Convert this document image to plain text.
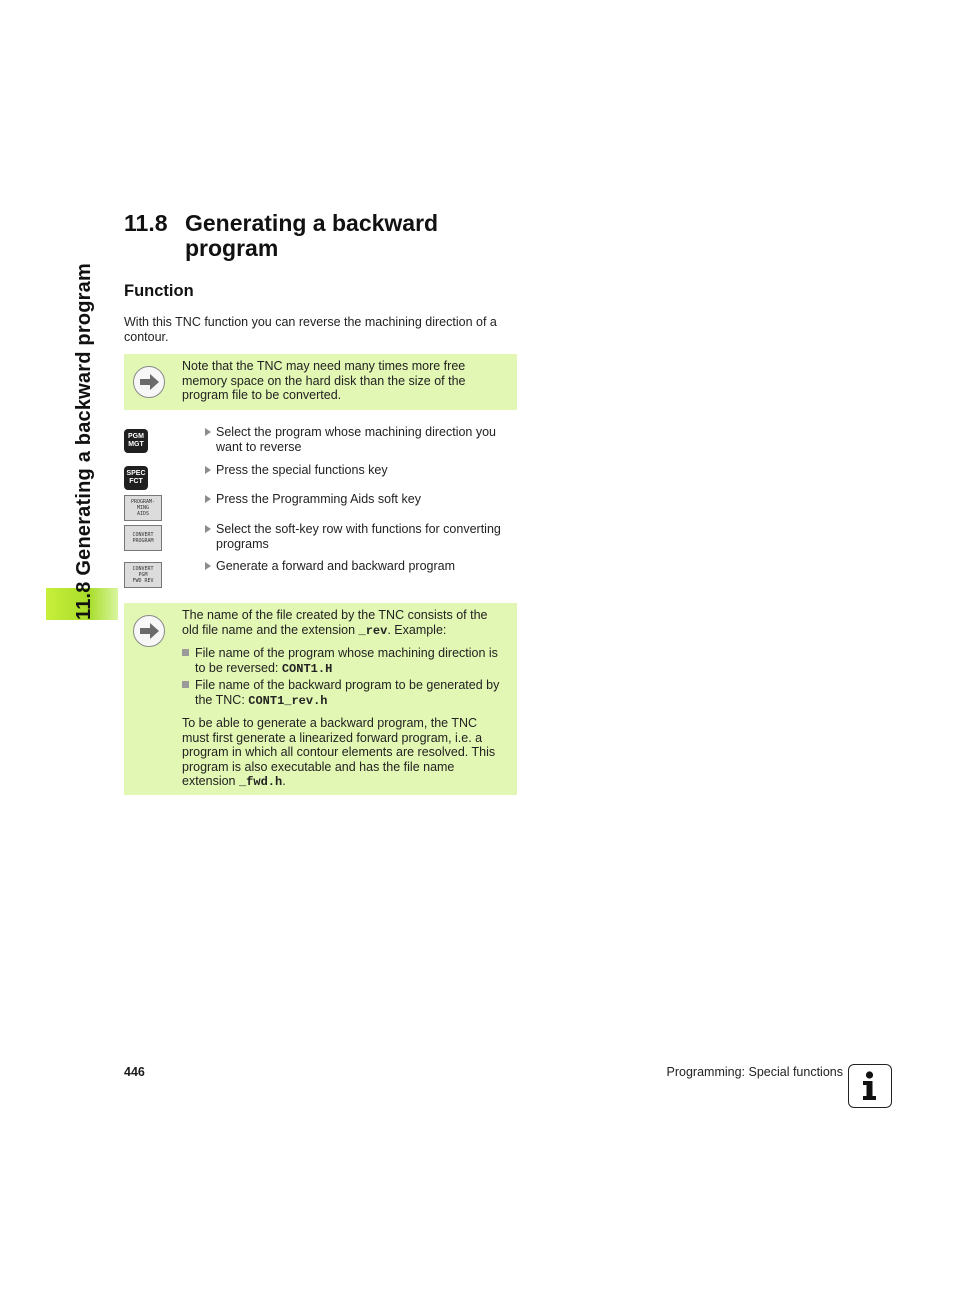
11.8 Generating a backward program
11.8 Generating a backward
program
Function
With this TNC function you can reverse the machining direction of a
contour.
Note that the TNC may need many times more free
memory space on the hard disk than the size of the
program file to be converted.
PGM
MGT
SPEC
FCT
PROGRAM-
MING
AIDS
CONVERT
PROGRAM
CONVERT
PGM
FWD REV
Select the program whose machining direction you
want to reverse
Press the special functions key
Press the Programming Aids soft key
Select the soft-key row with functions for converting
programs
Generate a forward and backward program
The name of the file created by the TNC consists of the
old file name and the extension _rev. Example:
File name of the program whose machining direction is
to be reversed: CONT1.H
File name of the backward program to be generated by
the TNC: CONT1_rev.h
To be able to generate a backward program, the TNC
must first generate a linearized forward program, i.e. a
program in which all contour elements are resolved. This
program is also executable and has the file name
extension _fwd.h.
446	Programming: Special functions
